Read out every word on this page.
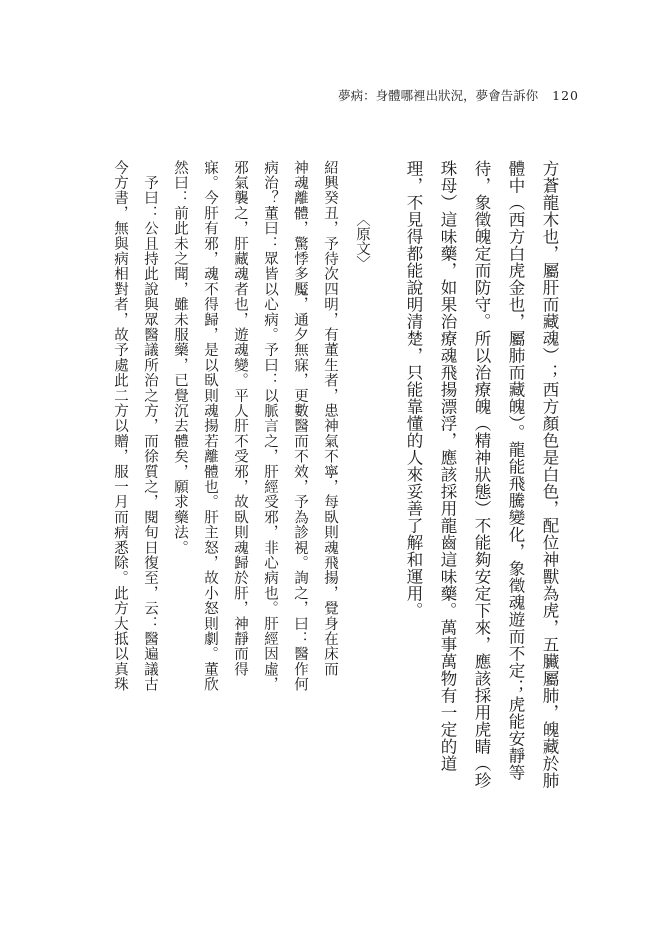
夢病：身體哪裡出狀況，夢會告訴你 120
方蒼龍木也，屬肝而藏魂）；西方顏色是白色，配位神獸為虎，五臟屬肺，魄藏於肺
體中（西方白虎金也，屬肺而藏魄）。龍能飛騰變化，象徵魂遊而不定；虎能安靜等
待，象徵魄定而防守。所以治療魄（精神狀態）不能夠安定下來，應該採用虎睛（珍
珠母）這味藥，如果治療魂飛揚漂浮，應該採用龍齒這味藥。萬事萬物有一定的道
理，不見得都能說明清楚，只能靠懂的人來妥善了解和運用。
〈原文〉
紹興癸丑，予待次四明，有董生者，患神氣不寧，每臥則魂飛揚，覺身在床而
神魂離體，驚悸多魘，通夕無寐，更數醫而不效，予為診視。詢之，曰：醫作何
病治？董曰：眾皆以心病。予曰：以脈言之，肝經受邪，非心病也。肝經因虛，
邪氣襲之，肝藏魂者也，遊魂變。平人肝不受邪，故臥則魂歸於肝，神靜而得
寐。今肝有邪，魂不得歸，是以臥則魂揚若離體也。肝主怒，故小怒則劇。董欣
然曰：前此未之聞，雖未服藥，已覺沉去體矣，願求藥法。
　予曰：公且持此說與眾醫議所治之方，而徐質之，閱旬日復至，云：醫遍議古
今方書，無與病相對者，故予處此二方以贈，服一月而病悉除。此方大抵以真珠
